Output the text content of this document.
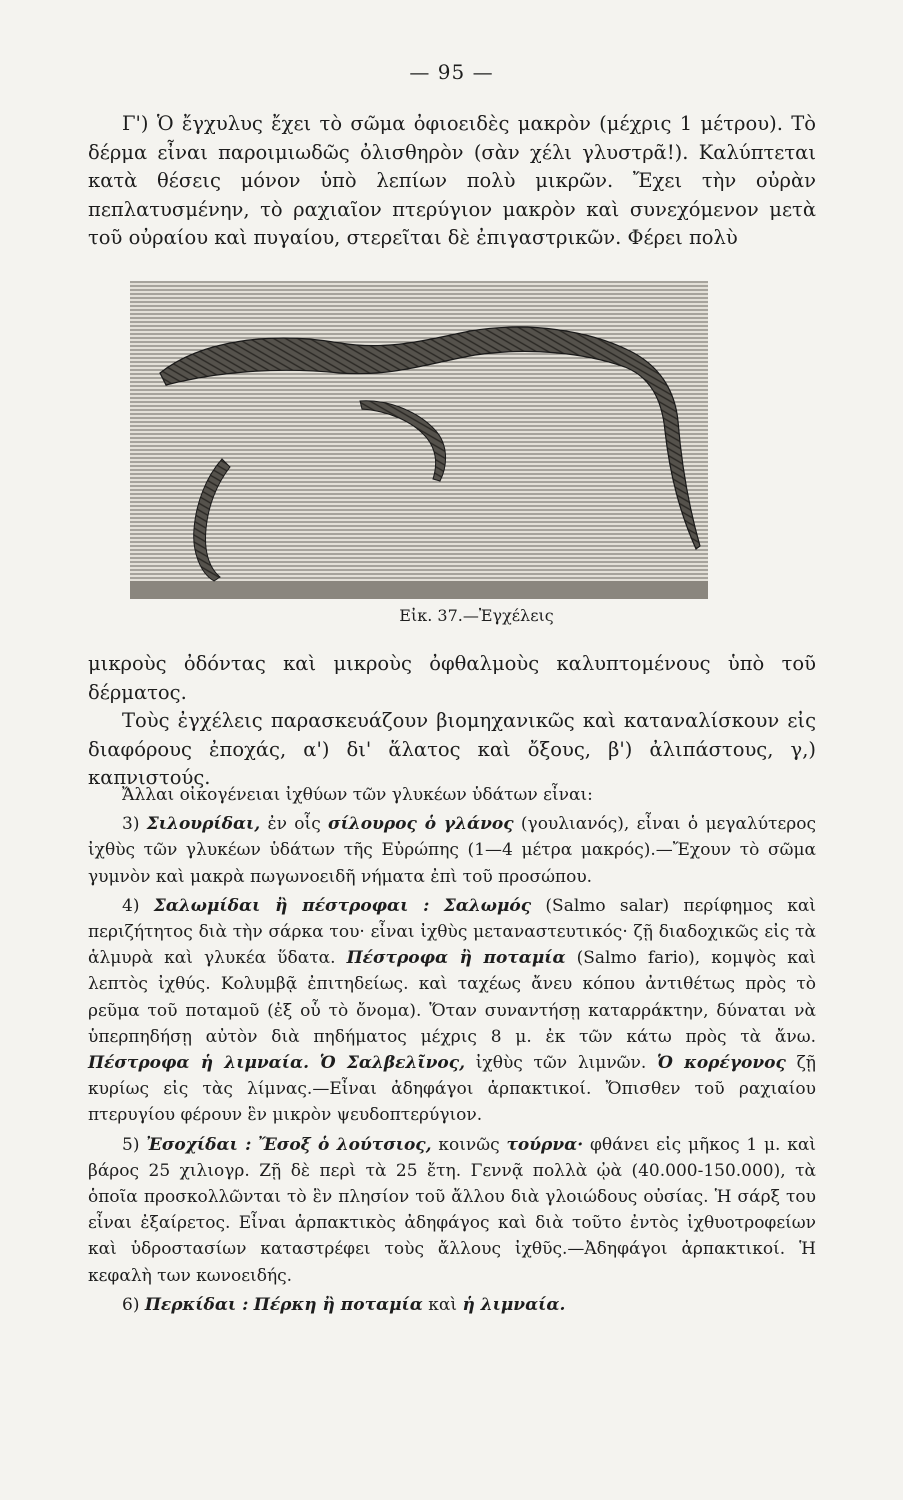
— 95 —

Γ') Ὁ ἔγχυλυς ἔχει τὸ σῶμα ὀφιοειδὲς μακρὸν (μέχρις 1 μέτρου). Τὸ δέρμα εἶναι παροιμιωδῶς ὀλισθηρὸν (σὰν χέλι γλυστρᾶ!). Καλύπτεται κατὰ θέσεις μόνον ὑπὸ λεπίων πολὺ μικρῶν. Ἔχει τὴν οὐρὰν πεπλατυσμένην, τὸ ραχιαῖον πτερύγιον μακρὸν καὶ συνεχόμενον μετὰ τοῦ οὐραίου καὶ πυγαίου, στερεῖται δὲ ἐπιγαστρικῶν. Φέρει πολὺ

Εἰκ. 37.—Ἐγχέλεις

μικροὺς ὀδόντας καὶ μικροὺς ὀφθαλμοὺς καλυπτομένους ὑπὸ τοῦ δέρματος.

Τοὺς ἐγχέλεις παρασκευάζουν βιομηχανικῶς καὶ καταναλίσκουν εἰς διαφόρους ἐποχάς, α') δι' ἅλατος καὶ ὄξους, β') ἀλιπάστους, γ,) καπνιστούς.

Ἄλλαι οἰκογένειαι ἰχθύων τῶν γλυκέων ὑδάτων εἶναι:

3) Σιλουρίδαι, ἐν οἷς σίλουρος ὁ γλάνος (γουλιανός), εἶναι ὁ μεγαλύτερος ἰχθὺς τῶν γλυκέων ὑδάτων τῆς Εὐρώπης (1—4 μέτρα μακρός).—Ἔχουν τὸ σῶμα γυμνὸν καὶ μακρὰ πωγωνοειδῆ νήματα ἐπὶ τοῦ προσώπου.

4) Σαλωμίδαι ἢ πέστροφαι : Σαλωμός (Salmo salar) περίφημος καὶ περιζήτητος διὰ τὴν σάρκα του· εἶναι ἰχθὺς μεταναστευτικός· ζῇ διαδοχικῶς εἰς τὰ ἁλμυρὰ καὶ γλυκέα ὕδατα. Πέστροφα ἢ ποταμία (Salmo fario), κομψὸς καὶ λεπτὸς ἰχθύς. Κολυμβᾷ ἐπιτηδείως. καὶ ταχέως ἄνευ κόπου ἀντιθέτως πρὸς τὸ ρεῦμα τοῦ ποταμοῦ (ἐξ οὗ τὸ ὄνομα). Ὅταν συναντήσῃ καταρράκτην, δύναται νὰ ὑπερπηδήσῃ αὐτὸν διὰ πηδήματος μέχρις 8 μ. ἐκ τῶν κάτω πρὸς τὰ ἄνω. Πέστροφα ἡ λιμναία. Ὁ Σαλβελῖνος, ἰχθὺς τῶν λιμνῶν. Ὁ κορέγονος ζῇ κυρίως εἰς τὰς λίμνας.—Εἶναι ἀδηφάγοι ἁρπακτικοί. Ὄπισθεν τοῦ ραχιαίου πτερυγίου φέρουν ἓν μικρὸν ψευδοπτερύγιον.

5) Ἐσοχίδαι : Ἔσοξ ὁ λούτσιος, κοινῶς τούρνα· φθάνει εἰς μῆκος 1 μ. καὶ βάρος 25 χιλιογρ. Ζῇ δὲ περὶ τὰ 25 ἔτη. Γεννᾷ πολλὰ ᾠὰ (40.000-150.000), τὰ ὁποῖα προσκολλῶνται τὸ ἓν πλησίον τοῦ ἄλλου διὰ γλοιώδους οὐσίας. Ἡ σάρξ του εἶναι ἐξαίρετος. Εἶναι ἁρπακτικὸς ἀδηφάγος καὶ διὰ τοῦτο ἐντὸς ἰχθυοτροφείων καὶ ὑδροστασίων καταστρέφει τοὺς ἄλλους ἰχθῦς.—Ἀδηφάγοι ἁρπακτικοί. Ἡ κεφαλὴ των κωνοειδής.

6) Περκίδαι : Πέρκη ἢ ποταμία καὶ ἡ λιμναία.
